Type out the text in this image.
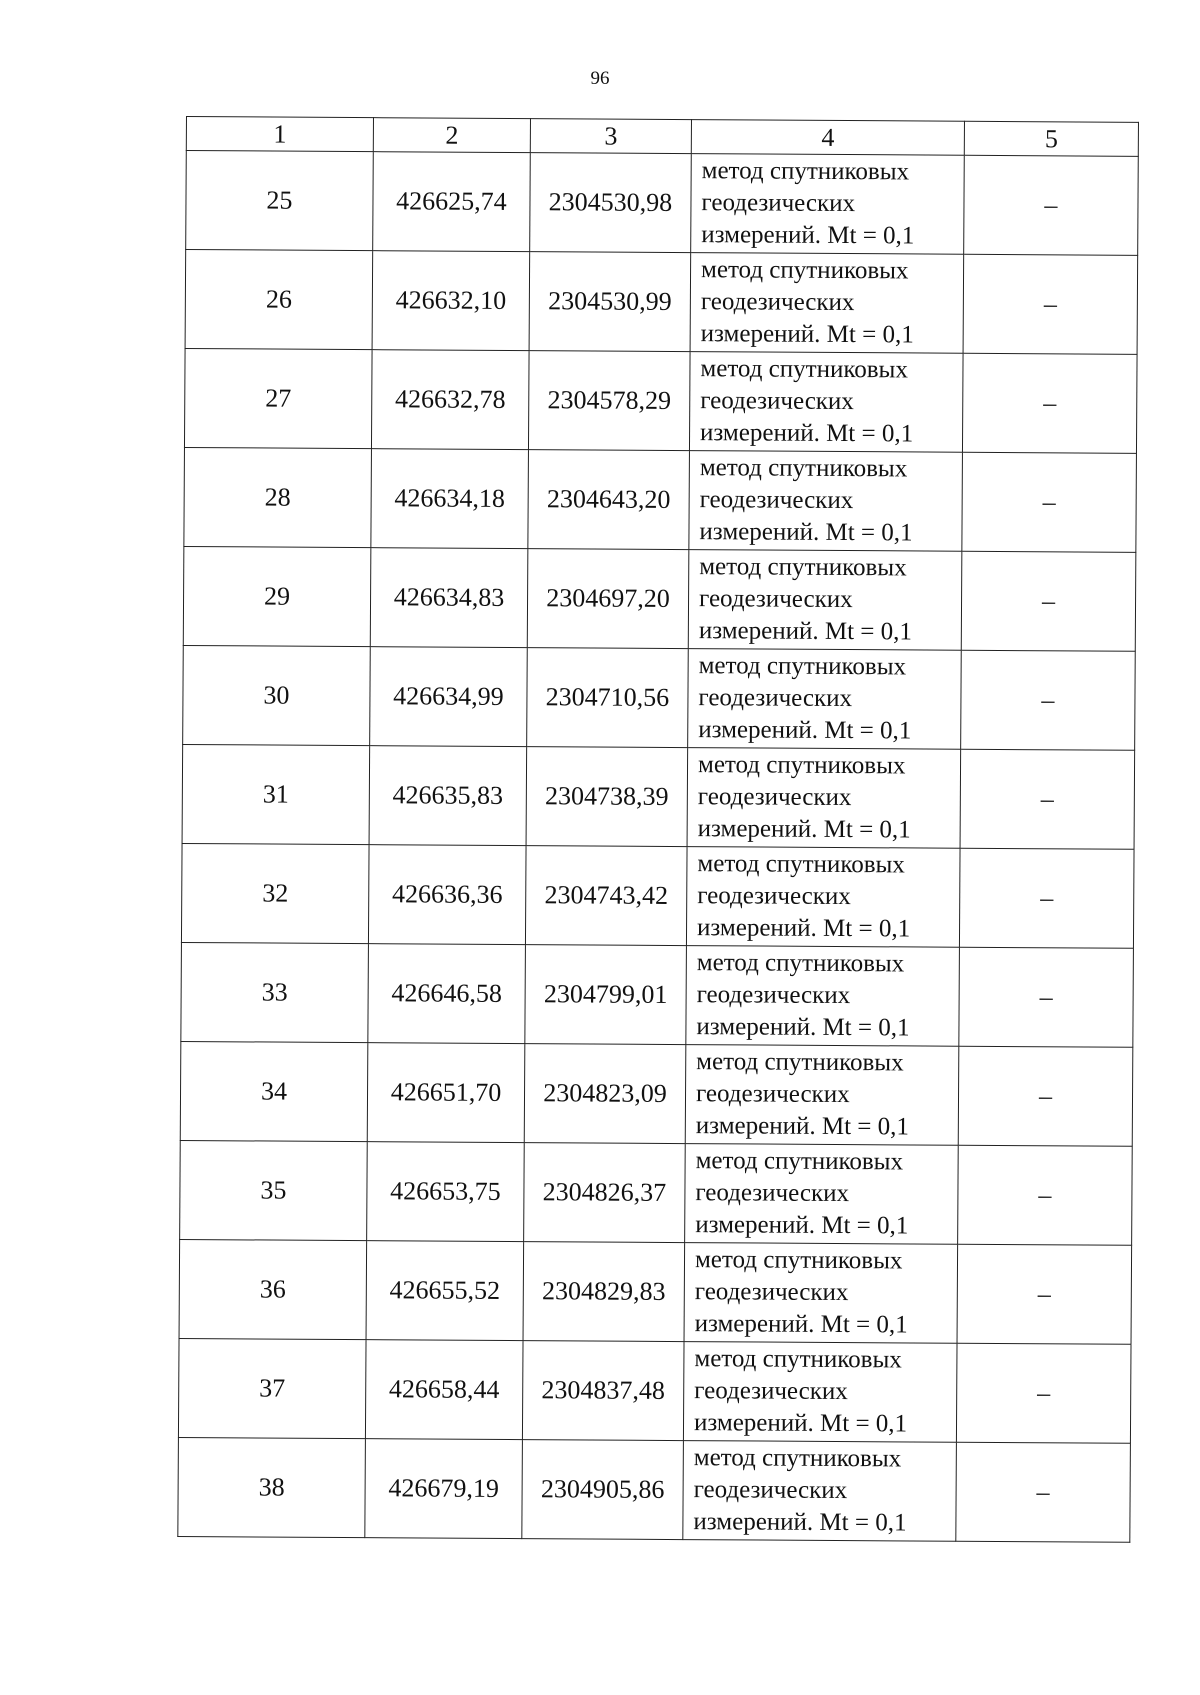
96
1	2	3	4	5
25	426625,74	2304530,98	метод спутниковых
геодезических
измерений. Mt = 0,1	–
26	426632,10	2304530,99	метод спутниковых
геодезических
измерений. Mt = 0,1	–
27	426632,78	2304578,29	метод спутниковых
геодезических
измерений. Mt = 0,1	–
28	426634,18	2304643,20	метод спутниковых
геодезических
измерений. Mt = 0,1	–
29	426634,83	2304697,20	метод спутниковых
геодезических
измерений. Mt = 0,1	–
30	426634,99	2304710,56	метод спутниковых
геодезических
измерений. Mt = 0,1	–
31	426635,83	2304738,39	метод спутниковых
геодезических
измерений. Mt = 0,1	–
32	426636,36	2304743,42	метод спутниковых
геодезических
измерений. Mt = 0,1	–
33	426646,58	2304799,01	метод спутниковых
геодезических
измерений. Mt = 0,1	–
34	426651,70	2304823,09	метод спутниковых
геодезических
измерений. Mt = 0,1	–
35	426653,75	2304826,37	метод спутниковых
геодезических
измерений. Mt = 0,1	–
36	426655,52	2304829,83	метод спутниковых
геодезических
измерений. Mt = 0,1	–
37	426658,44	2304837,48	метод спутниковых
геодезических
измерений. Mt = 0,1	–
38	426679,19	2304905,86	метод спутниковых
геодезических
измерений. Mt = 0,1	–
